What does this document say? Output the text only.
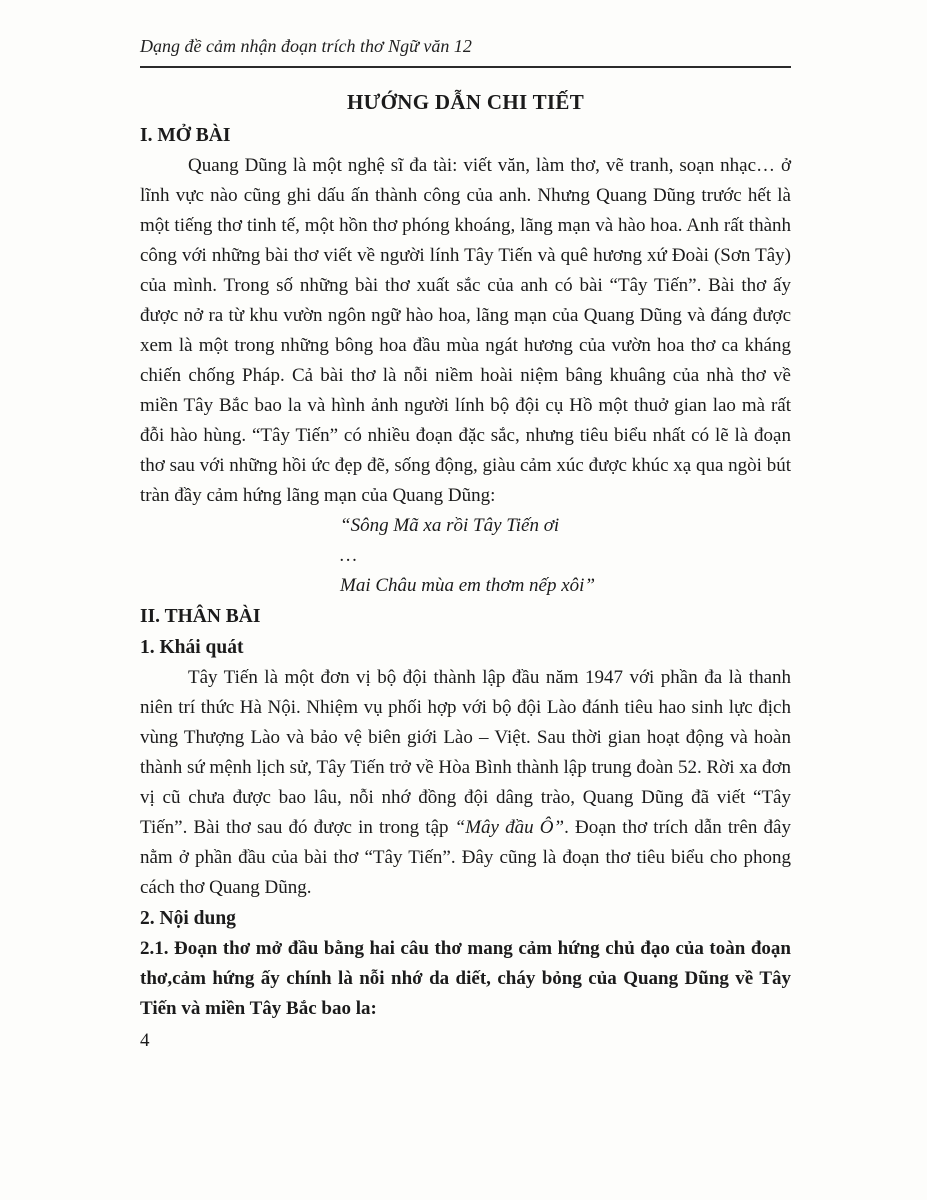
Dạng đề cảm nhận đoạn trích thơ Ngữ văn 12
HƯỚNG DẪN CHI TIẾT
I. MỞ BÀI

Quang Dũng là một nghệ sĩ đa tài: viết văn, làm thơ, vẽ tranh, soạn nhạc… ở lĩnh vực nào cũng ghi dấu ấn thành công của anh. Nhưng Quang Dũng trước hết là một tiếng thơ tinh tế, một hồn thơ phóng khoáng, lãng mạn và hào hoa. Anh rất thành công với những bài thơ viết về người lính Tây Tiến và quê hương xứ Đoài (Sơn Tây) của mình. Trong số những bài thơ xuất sắc của anh có bài “Tây Tiến”. Bài thơ ấy được nở ra từ khu vườn ngôn ngữ hào hoa, lãng mạn của Quang Dũng và đáng được xem là một trong những bông hoa đầu mùa ngát hương của vườn hoa thơ ca kháng chiến chống Pháp. Cả bài thơ là nỗi niềm hoài niệm bâng khuâng của nhà thơ về miền Tây Bắc bao la và hình ảnh người lính bộ đội cụ Hồ một thuở gian lao mà rất đỗi hào hùng. “Tây Tiến” có nhiều đoạn đặc sắc, nhưng tiêu biểu nhất có lẽ là đoạn thơ sau với những hồi ức đẹp đẽ, sống động, giàu cảm xúc được khúc xạ qua ngòi bút tràn đầy cảm hứng lãng mạn của Quang Dũng:

“Sông Mã xa rồi Tây Tiến ơi
…
Mai Châu mùa em thơm nếp xôi”
II. THÂN BÀI
1. Khái quát

Tây Tiến là một đơn vị bộ đội thành lập đầu năm 1947 với phần đa là thanh niên trí thức Hà Nội. Nhiệm vụ phối hợp với bộ đội Lào đánh tiêu hao sinh lực địch vùng Thượng Lào và bảo vệ biên giới Lào – Việt. Sau thời gian hoạt động và hoàn thành sứ mệnh lịch sử, Tây Tiến trở về Hòa Bình thành lập trung đoàn 52. Rời xa đơn vị cũ chưa được bao lâu, nỗi nhớ đồng đội dâng trào, Quang Dũng đã viết “Tây Tiến”. Bài thơ sau đó được in trong tập “Mây đầu Ô”. Đoạn thơ trích dẫn trên đây nằm ở phần đầu của bài thơ “Tây Tiến”. Đây cũng là đoạn thơ tiêu biểu cho phong cách thơ Quang Dũng.

2. Nội dung

2.1. Đoạn thơ mở đầu bằng hai câu thơ mang cảm hứng chủ đạo của toàn đoạn thơ,cảm hứng ấy chính là nỗi nhớ da diết, cháy bỏng của Quang Dũng về Tây Tiến và miền Tây Bắc bao la:

4
